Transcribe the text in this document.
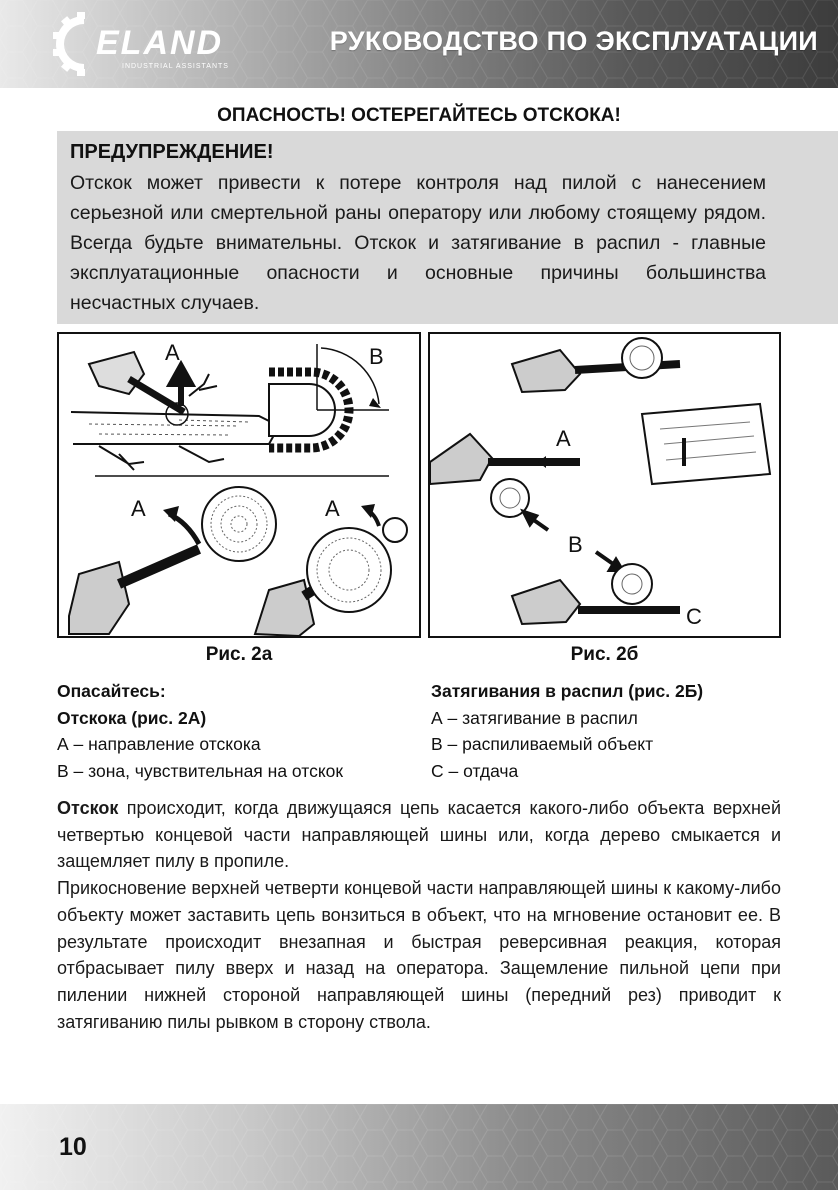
ELAND
INDUSTRIAL ASSISTANTS
РУКОВОДСТВО ПО ЭКСПЛУАТАЦИИ
ОПАСНОСТЬ! ОСТЕРЕГАЙТЕСЬ ОТСКОКА!
ПРЕДУПРЕЖДЕНИЕ!
Отскок может привести к потере контроля над пилой с нанесением серьезной или смертельной раны оператору или любому стоящему рядом. Всегда будьте внимательны. Отскок и затягивание в распил - главные эксплуатационные опасности и основные причины большинства несчастных случаев.
А	B
А	А
А
В
С
Рис. 2а	Рис. 2б
Опасайтесь:
Отскока (рис. 2А)
А – направление отскока
В – зона, чувствительная на отскок
Затягивания в распил (рис. 2Б)
А – затягивание в распил
В – распиливаемый объект
С – отдача

Отскок происходит, когда движущаяся цепь касается какого-либо объекта верхней четвертью концевой части направляющей шины или, когда дерево смыкается и защемляет пилу в пропиле.

Прикосновение верхней четверти концевой части направляющей шины к какому-либо объекту может заставить цепь вонзиться в объект, что на мгновение остановит ее. В результате происходит внезапная и быстрая реверсивная реакция, которая отбрасывает пилу вверх и назад на оператора. Защемление пильной цепи при пилении нижней стороной направляющей шины (передний рез) приводит к затягиванию пилы рывком в сторону ствола.

10
